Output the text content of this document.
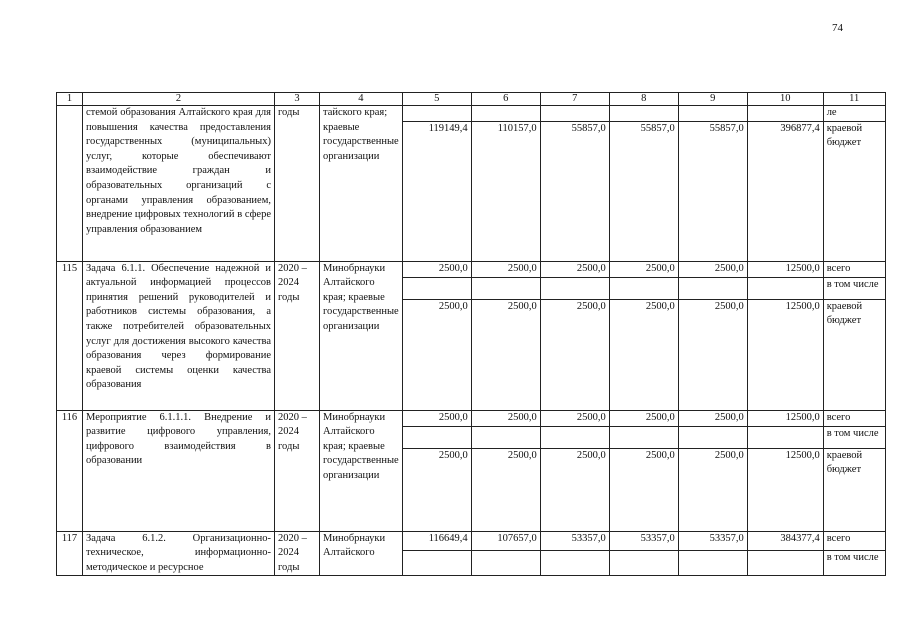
74
1	2	3	4	5	6	7	8	9	10	11
	стемой образования Алтайского края для повышения качества предоставления государственных (муниципальных) услуг, которые обеспечивают взаимодействие граждан и образовательных организаций с органами управления образованием, внедрение цифровых технологий в сфере управления образованием	годы	тайского края; краевые государственные организации							ле
				119149,4	110157,0	55857,0	55857,0	55857,0	396877,4	краевой бюджет
115	Задача 6.1.1. Обеспечение надежной и актуальной информацией процессов принятия решений руководителей и работников системы образования, а также потребителей образовательных услуг для достижения высокого качества образования через формирование краевой системы оценки качества образования	2020 – 2024 годы	Минобрнауки Алтайского края; краевые государственные организации	2500,0	2500,0	2500,0	2500,0	2500,0	12500,0	всего
										в том числе
				2500,0	2500,0	2500,0	2500,0	2500,0	12500,0	краевой бюджет
116	Мероприятие 6.1.1.1. Внедрение и развитие цифрового управления, цифрового взаимодействия в образовании	2020 – 2024 годы	Минобрнауки Алтайского края; краевые государственные организации	2500,0	2500,0	2500,0	2500,0	2500,0	12500,0	всего
										в том числе
				2500,0	2500,0	2500,0	2500,0	2500,0	12500,0	краевой бюджет
117	Задача 6.1.2. Организационно-техническое, информационно-методическое и ресурсное	2020 – 2024 годы	Минобрнауки Алтайского	116649,4	107657,0	53357,0	53357,0	53357,0	384377,4	всего
										в том числе
